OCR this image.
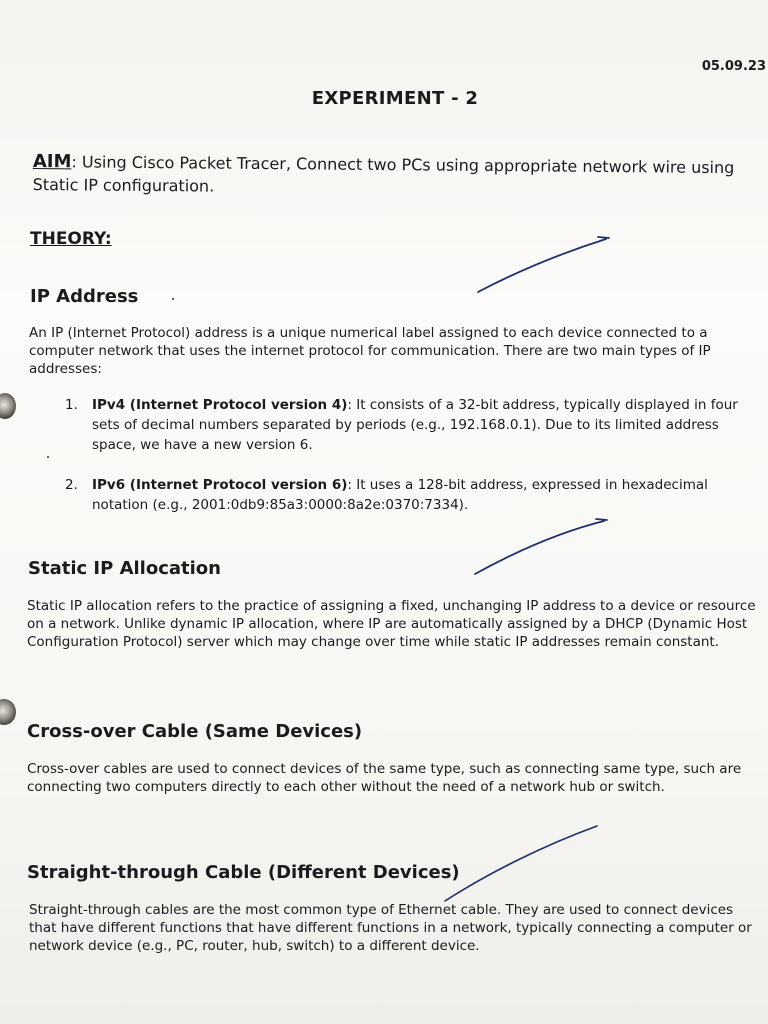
05.09.23
EXPERIMENT - 2
AIM: Using Cisco Packet Tracer, Connect two PCs using appropriate network wire using Static IP configuration.
THEORY:
IP Address
An IP (Internet Protocol) address is a unique numerical label assigned to each device connected to a computer network that uses the internet protocol for communication. There are two main types of IP addresses:
1. IPv4 (Internet Protocol version 4): It consists of a 32-bit address, typically displayed in four sets of decimal numbers separated by periods (e.g., 192.168.0.1). Due to its limited address space, we have a new version 6.
2. IPv6 (Internet Protocol version 6): It uses a 128-bit address, expressed in hexadecimal notation (e.g., 2001:0db9:85a3:0000:8a2e:0370:7334).
Static IP Allocation
Static IP allocation refers to the practice of assigning a fixed, unchanging IP address to a device or resource on a network. Unlike dynamic IP allocation, where IP are automatically assigned by a DHCP (Dynamic Host Configuration Protocol) server which may change over time while static IP addresses remain constant.
Cross-over Cable (Same Devices)
Cross-over cables are used to connect devices of the same type, such as connecting same type, such are connecting two computers directly to each other without the need of a network hub or switch.
Straight-through Cable (Different Devices)
Straight-through cables are the most common type of Ethernet cable. They are used to connect devices that have different functions that have different functions in a network, typically connecting a computer or network device (e.g., PC, router, hub, switch) to a different device.
